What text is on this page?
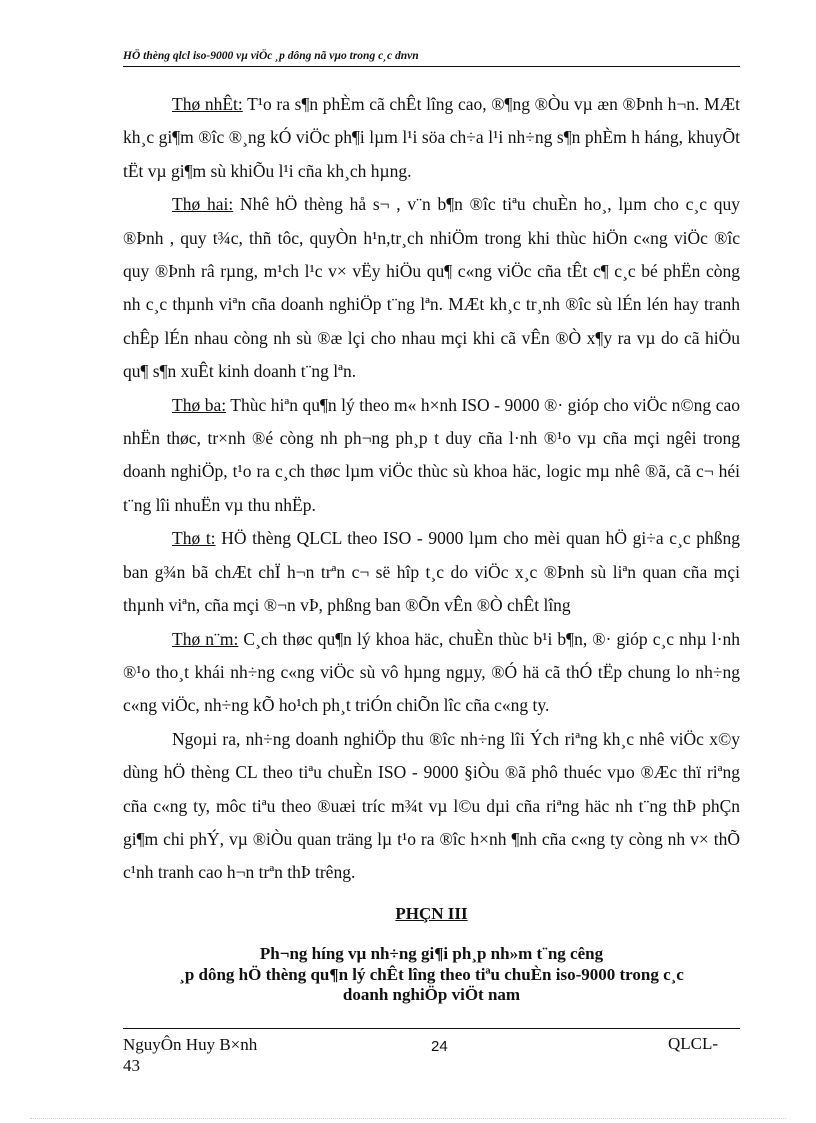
HÖ thèng qlcl iso-9000 vµ viÖc ¸p dông nã vµo trong c¸c dnvn

Thø nhÊt: T¹o ra s¶n phÈm cã chÊt lîng cao, ®¶ng ®Òu vµ æn ®Þnh h¬n. MÆt kh¸c gi¶m ®îc ®¸ng kÓ viÖc ph¶i lµm l¹i söa ch÷a l¹i nh÷ng s¶n phÈm h háng, khuyÕt tËt vµ gi¶m sù khiÕu l¹i cña kh¸ch hµng.

Thø hai: Nhê hÖ thèng hå s¬ , v¨n b¶n ®îc tiªu chuÈn ho¸, lµm cho c¸c quy ®Þnh , quy t¾c, thñ tôc, quyÒn h¹n,tr¸ch nhiÖm trong khi thùc hiÖn c«ng viÖc ®îc quy ®Þnh râ rµng, m¹ch l¹c v× vËy hiÖu qu¶ c«ng viÖc cña tÊt c¶ c¸c bé phËn còng nh c¸c thµnh viªn cña doanh nghiÖp t¨ng lªn. MÆt kh¸c tr¸nh ®îc sù lÉn lén hay tranh chÊp lÉn nhau còng nh sù ®æ lçi cho nhau mçi khi cã vÊn ®Ò x¶y ra vµ do cã hiÖu qu¶ s¶n xuÊt kinh doanh t¨ng lªn.

Thø ba: Thùc hiªn qu¶n lý theo m« h×nh ISO - 9000 ®· gióp cho viÖc n©ng cao nhËn thøc, tr×nh ®é còng nh ph¬ng ph¸p t duy cña l·nh ®¹o vµ cña mçi ngêi trong doanh nghiÖp, t¹o ra c¸ch thøc lµm viÖc thùc sù khoa häc, logic mµ nhê ®ã, cã c¬ héi t¨ng lîi nhuËn vµ thu nhËp.

Thø t: HÖ thèng QLCL theo ISO - 9000 lµm cho mèi quan hÖ gi÷a c¸c phßng ban g¾n bã chÆt chÏ h¬n trªn c¬ së hîp t¸c do viÖc x¸c ®Þnh sù liªn quan cña mçi thµnh viªn, cña mçi ®¬n vÞ, phßng ban ®Õn vÊn ®Ò chÊt lîng

Thø n¨m: C¸ch thøc qu¶n lý khoa häc, chuÈn thùc b¹i b¶n, ®· gióp c¸c nhµ l·nh ®¹o tho¸t khái nh÷ng c«ng viÖc sù vô hµng ngµy, ®Ó hä cã thÓ tËp chung lo nh÷ng c«ng viÖc, nh÷ng kÕ ho¹ch ph¸t triÓn chiÕn lîc cña c«ng ty.

Ngoµi ra, nh÷ng doanh nghiÖp thu ®îc nh÷ng lîi Ých riªng kh¸c nhê viÖc x©y dùng hÖ thèng CL theo tiªu chuÈn ISO - 9000 §iÒu ®ã phô thuéc vµo ®Æc thï riªng cña c«ng ty, môc tiªu theo ®uæi tríc m¾t vµ l©u dµi cña riªng häc nh t¨ng thÞ phÇn gi¶m chi phÝ, vµ ®iÒu quan träng lµ t¹o ra ®îc h×nh ¶nh cña c«ng ty còng nh v× thÕ c¹nh tranh cao h¬n trªn thÞ trêng.

PHÇN III
Ph¬ng híng vµ nh÷ng gi¶i ph¸p nh»m t¨ng cêng
¸p dông hÖ thèng qu¶n lý chÊt lîng theo tiªu chuÈn iso-9000 trong c¸c
doanh nghiÖp viÖt nam
NguyÔn Huy B×nh
43
24	QLCL-
